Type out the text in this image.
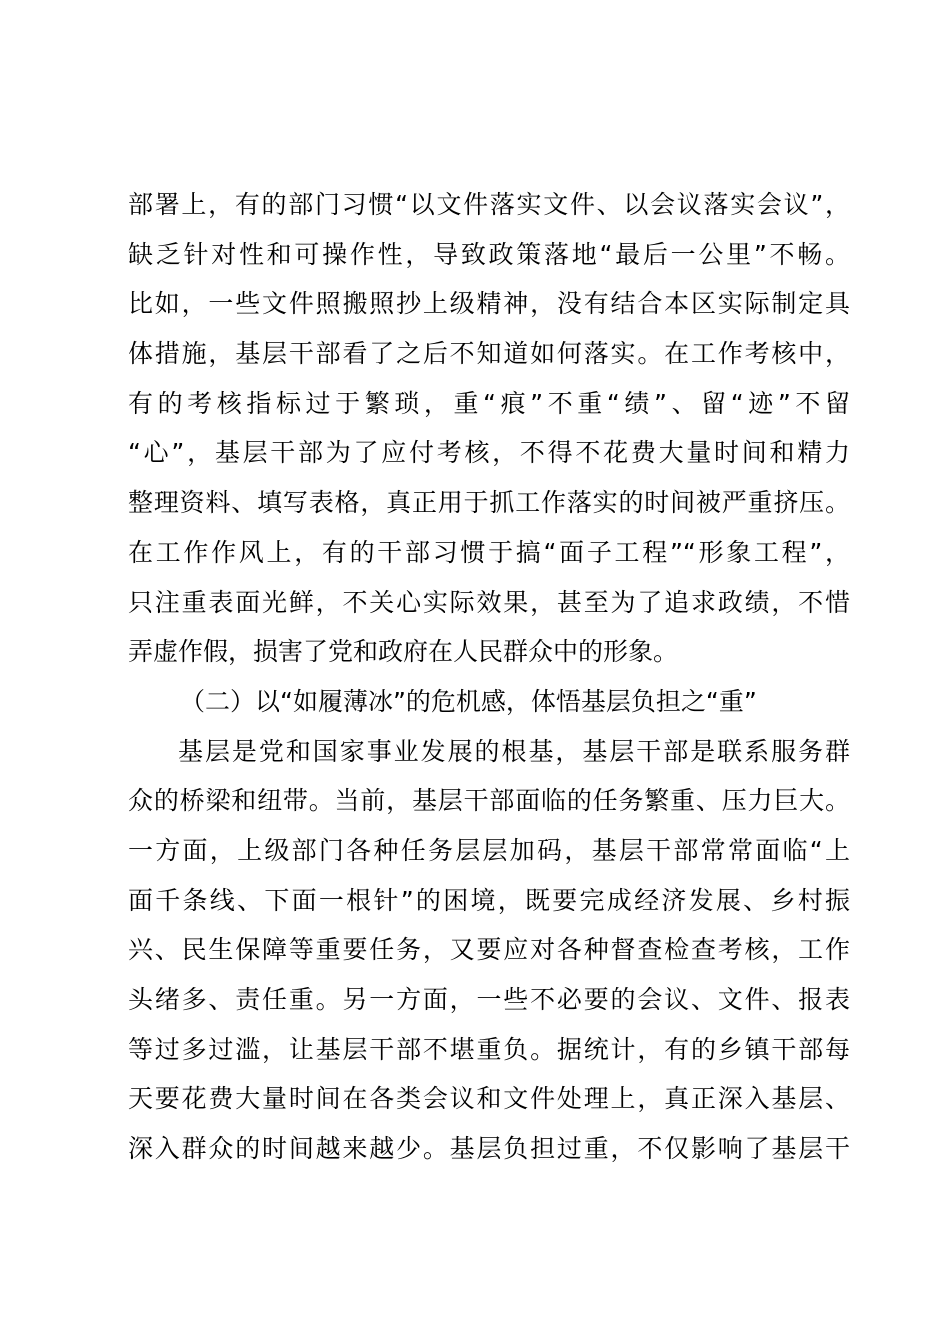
部署上，有的部门习惯“以文件落实文件、以会议落实会议”，
缺乏针对性和可操作性，导致政策落地“最后一公里”不畅。
比如，一些文件照搬照抄上级精神，没有结合本区实际制定具
体措施，基层干部看了之后不知道如何落实。在工作考核中，
有的考核指标过于繁琐，重“痕”不重“绩”、留“迹”不留
“心”，基层干部为了应付考核，不得不花费大量时间和精力
整理资料、填写表格，真正用于抓工作落实的时间被严重挤压。
在工作作风上，有的干部习惯于搞“面子工程”“形象工程”，
只注重表面光鲜，不关心实际效果，甚至为了追求政绩，不惜
弄虚作假，损害了党和政府在人民群众中的形象。
（二）以“如履薄冰”的危机感，体悟基层负担之“重”
基层是党和国家事业发展的根基，基层干部是联系服务群
众的桥梁和纽带。当前，基层干部面临的任务繁重、压力巨大。
一方面，上级部门各种任务层层加码，基层干部常常面临“上
面千条线、下面一根针”的困境，既要完成经济发展、乡村振
兴、民生保障等重要任务，又要应对各种督查检查考核，工作
头绪多、责任重。另一方面，一些不必要的会议、文件、报表
等过多过滥，让基层干部不堪重负。据统计，有的乡镇干部每
天要花费大量时间在各类会议和文件处理上，真正深入基层、
深入群众的时间越来越少。基层负担过重，不仅影响了基层干
